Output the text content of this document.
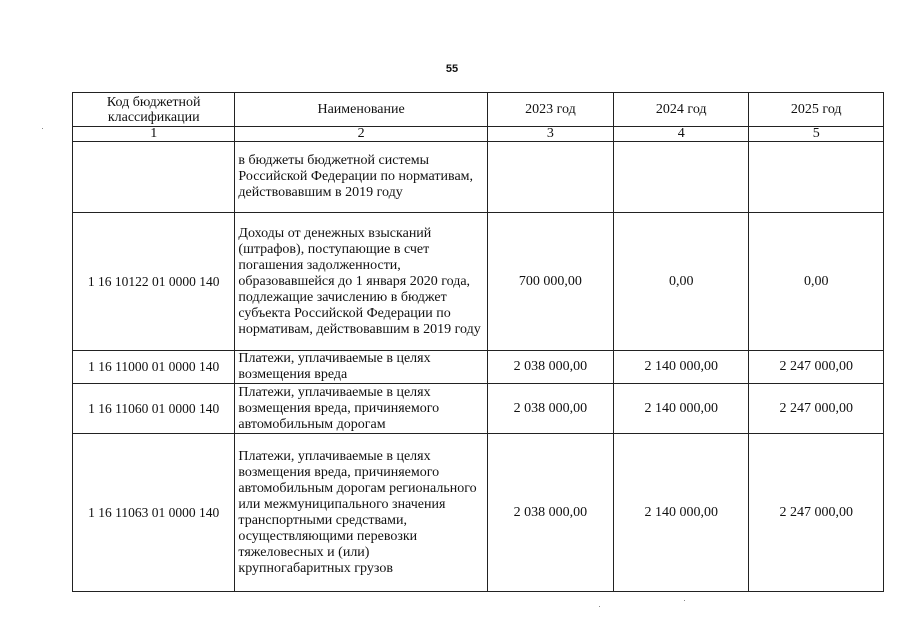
55
Код бюджетной классификации	Наименование	2023 год	2024 год	2025 год
1	2	3	4	5
	в бюджеты бюджетной системы Российской Федерации по нормативам, действовавшим в 2019 году			
1 16 10122 01 0000 140	Доходы от денежных взысканий (штрафов), поступающие в счет погашения задолженности, образовавшейся до 1 января 2020 года, подлежащие зачислению в бюджет субъекта Российской Федерации по нормативам, действовавшим в 2019 году	700 000,00	0,00	0,00
1 16 11000 01 0000 140	Платежи, уплачиваемые в целях возмещения вреда	2 038 000,00	2 140 000,00	2 247 000,00
1 16 11060 01 0000 140	Платежи, уплачиваемые в целях возмещения вреда, причиняемого автомобильным дорогам	2 038 000,00	2 140 000,00	2 247 000,00
1 16 11063 01 0000 140	Платежи, уплачиваемые в целях возмещения вреда, причиняемого автомобильным дорогам регионального или межмуниципального значения транспортными средствами, осуществляющими перевозки тяжеловесных и (или) крупногабаритных грузов	2 038 000,00	2 140 000,00	2 247 000,00
